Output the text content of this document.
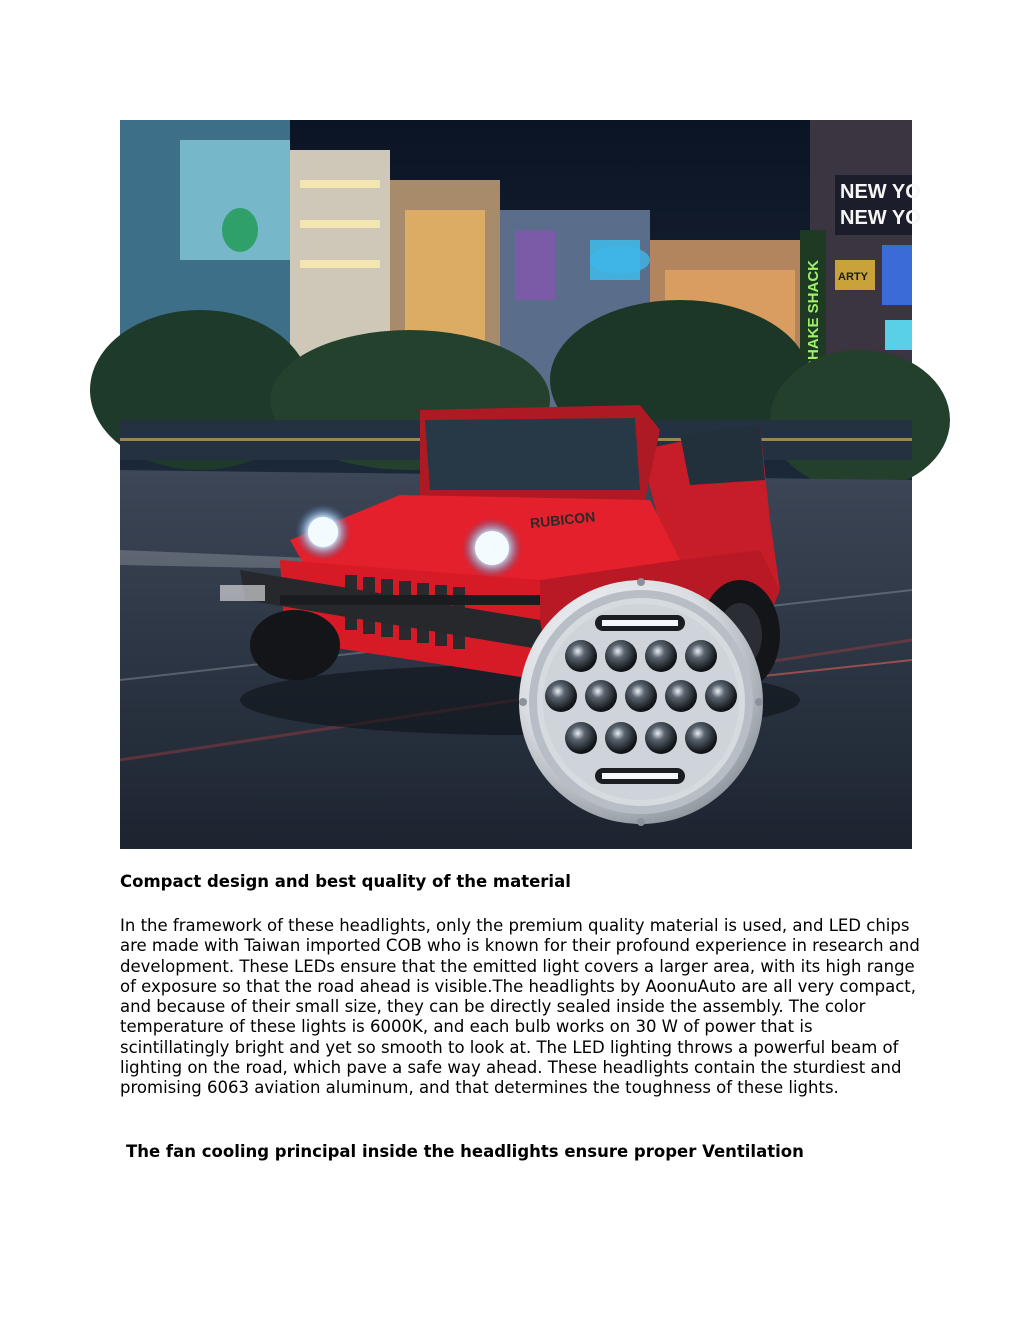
NEW YO
NEW YO
ARTY
SHAKE SHACK
RUBICON
Compact design and best quality of the material

In the framework of these headlights, only the premium quality material is used, and LED chips are made with Taiwan imported COB who is known for their profound experience in research and development. These LEDs ensure that the emitted light covers a larger area, with its high range of exposure so that the road ahead is visible.The headlights by AoonuAuto are all very compact, and because of their small size, they can be directly sealed inside the assembly. The color temperature of these lights is 6000K, and each bulb works on 30 W of power that is scintillatingly bright and yet so smooth to look at. The LED lighting throws a powerful beam of lighting on the road, which pave a safe way ahead. These headlights contain the sturdiest and promising 6063 aviation aluminum, and that determines the toughness of these lights.

The fan cooling principal inside the headlights ensure proper Ventilation
